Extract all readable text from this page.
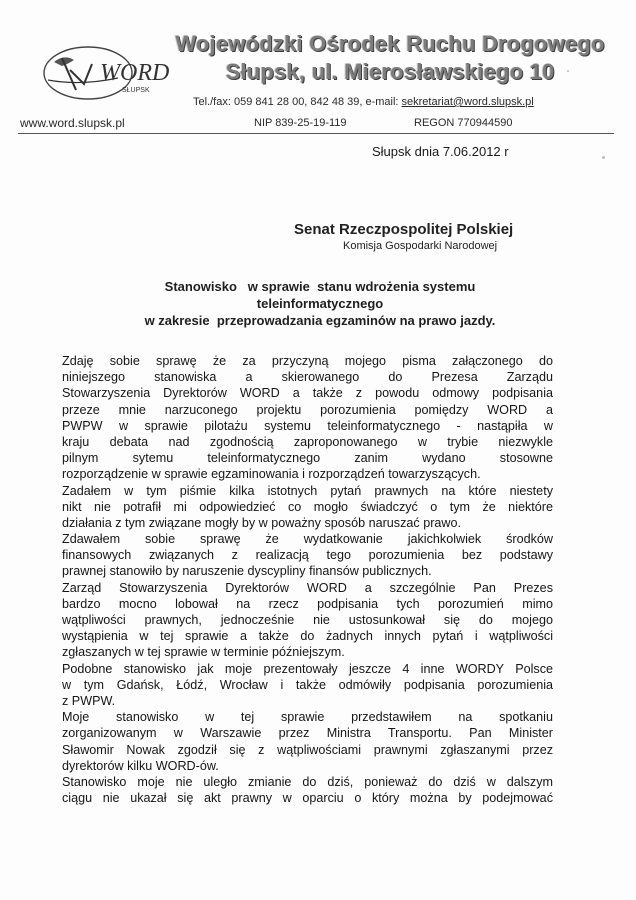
WORD
SŁUPSK
Wojewódzki Ośrodek Ruchu Drogowego
Słupsk, ul. Mierosławskiego 10
Tel./fax: 059 841 28 00, 842 48 39, e-mail: sekretariat@word.slupsk.pl
www.word.slupsk.pl	NIP 839-25-19-119	REGON 770944590
Słupsk dnia 7.06.2012 r
Senat Rzeczpospolitej Polskiej
Komisja Gospodarki Narodowej
Stanowisko   w sprawie  stanu wdrożenia systemu
teleinformatycznego
w zakresie  przeprowadzania egzaminów na prawo jazdy.
Zdaję sobie sprawę że za przyczyną mojego pisma załączonego do
niniejszego stanowiska a skierowanego do Prezesa Zarządu
Stowarzyszenia Dyrektorów WORD a także z powodu odmowy podpisania
przeze mnie narzuconego projektu porozumienia pomiędzy WORD a
PWPW w sprawie pilotażu systemu teleinformatycznego - nastąpiła w
kraju debata nad zgodnością zaproponowanego w trybie niezwykle
pilnym sytemu teleinformatycznego zanim wydano stosowne
rozporządzenie w sprawie egzaminowania i rozporządzeń towarzyszących.
Zadałem w tym piśmie kilka istotnych pytań prawnych na które niestety
nikt nie potrafił mi odpowiedzieć co mogło świadczyć o tym że niektóre
działania z tym związane mogły by w poważny sposób naruszać prawo.
Zdawałem sobie sprawę że wydatkowanie jakichkolwiek środków
finansowych związanych z realizacją tego porozumienia bez podstawy
prawnej stanowiło by naruszenie dyscypliny finansów publicznych.
Zarząd Stowarzyszenia Dyrektorów WORD a szczególnie Pan Prezes
bardzo mocno lobował na rzecz podpisania tych porozumień mimo
wątpliwości prawnych, jednocześnie nie ustosunkował się do mojego
wystąpienia w tej sprawie a także do żadnych innych pytań i wątpliwości
zgłaszanych w tej sprawie w terminie późniejszym.
Podobne stanowisko jak moje prezentowały jeszcze 4 inne WORDY Polsce
w tym Gdańsk, Łódź, Wrocław i także odmówiły podpisania porozumienia
z PWPW.
Moje stanowisko w tej sprawie przedstawiłem na spotkaniu
zorganizowanym w Warszawie przez Ministra Transportu. Pan Minister
Sławomir Nowak zgodził się z wątpliwościami prawnymi zgłaszanymi przez
dyrektorów kilku WORD-ów.
Stanowisko moje nie uległo zmianie do dziś, ponieważ do dziś w dalszym
ciągu nie ukazał się akt prawny w oparciu o który można by podejmować
